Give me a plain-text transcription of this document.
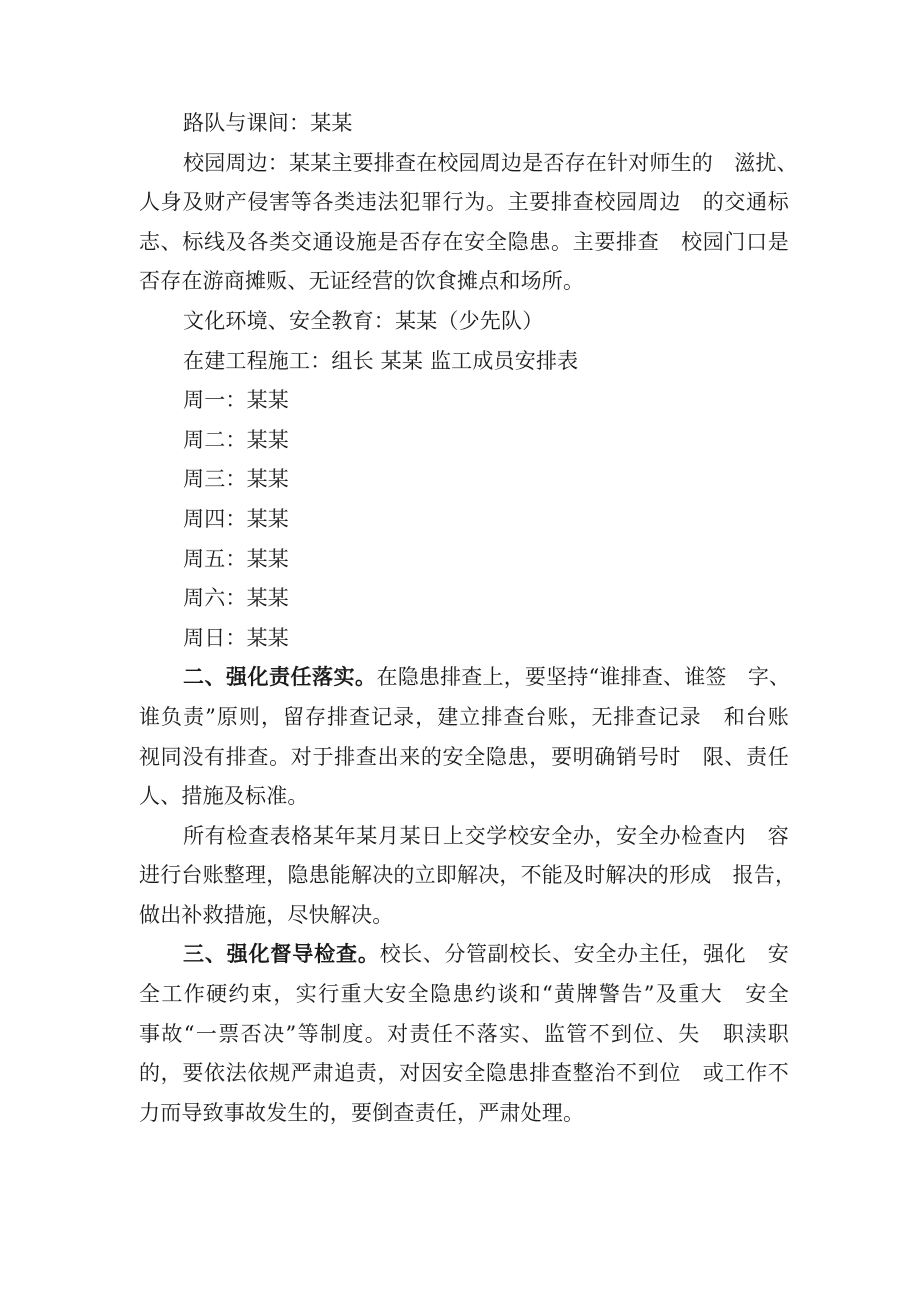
路队与课间：某某
校园周边：某某主要排查在校园周边是否存在针对师生的　滋扰、
人身及财产侵害等各类违法犯罪行为。主要排查校园周边　的交通标
志、标线及各类交通设施是否存在安全隐患。主要排查　校园门口是
否存在游商摊贩、无证经营的饮食摊点和场所。
文化环境、安全教育：某某（少先队）
在建工程施工：组长 某某 监工成员安排表
周一：某某
周二：某某
周三：某某
周四：某某
周五：某某
周六：某某
周日：某某
二、强化责任落实。在隐患排查上，要坚持“谁排查、谁签　字、
谁负责”原则，留存排查记录，建立排查台账，无排查记录　和台账
视同没有排查。对于排查出来的安全隐患，要明确销号时　限、责任
人、措施及标准。
所有检查表格某年某月某日上交学校安全办，安全办检查内　容
进行台账整理，隐患能解决的立即解决，不能及时解决的形成　报告，
做出补救措施，尽快解决。
三、强化督导检查。校长、分管副校长、安全办主任，强化　安
全工作硬约束，实行重大安全隐患约谈和“黄牌警告”及重大　安全
事故“一票否决”等制度。对责任不落实、监管不到位、失　职渎职
的，要依法依规严肃追责，对因安全隐患排查整治不到位　或工作不
力而导致事故发生的，要倒查责任，严肃处理。
